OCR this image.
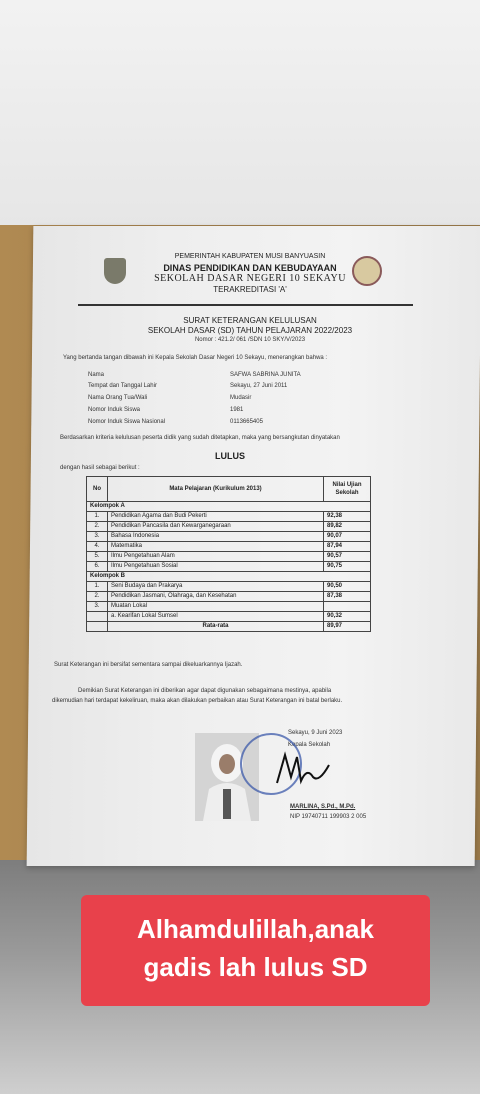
PEMERINTAH KABUPATEN MUSI BANYUASIN
DINAS PENDIDIKAN DAN KEBUDAYAAN
SEKOLAH DASAR NEGERI 10 SEKAYU
TERAKREDITASI 'A'
SURAT KETERANGAN KELULUSAN
SEKOLAH DASAR (SD) TAHUN PELAJARAN 2022/2023
Nomor : 421.2/ 061 /SDN 10 SKY/V/2023
Yang bertanda tangan dibawah ini Kepala Sekolah Dasar Negeri 10 Sekayu, menerangkan bahwa :
Nama	SAFWA SABRINA JUNITA
Tempat dan Tanggal Lahir	Sekayu, 27 Juni 2011
Nama Orang Tua/Wali	Mudasir
Nomor Induk Siswa	1981
Nomor Induk Siswa Nasional	0113665405
Berdasarkan kriteria kelulusan peserta didik yang sudah ditetapkan, maka yang bersangkutan dinyatakan
LULUS
dengan hasil sebagai berikut :
No	Mata Pelajaran (Kurikulum 2013)	Nilai Ujian Sekolah
Kelompok A		
1.	Pendidikan Agama dan Budi Pekerti	92,38
2.	Pendidikan Pancasila dan Kewarganegaraan	89,82
3.	Bahasa Indonesia	90,07
4.	Matematika	87,94
5.	Ilmu Pengetahuan Alam	90,57
6.	Ilmu Pengetahuan Sosial	90,75
Kelompok B		
1.	Seni Budaya dan Prakarya	90,50
2.	Pendidikan Jasmani, Olahraga, dan Kesehatan	87,38
3.	Muatan Lokal	
	a. Kearifan Lokal Sumsel	90,32
	Rata-rata	89,97
Surat Keterangan ini bersifat sementara sampai dikeluarkannya Ijazah.
Demikian Surat Keterangan ini diberikan agar dapat digunakan sebagaimana mestinya, apabila
dikemudian hari terdapat kekeliruan, maka akan dilakukan perbaikan atau Surat Keterangan ini batal berlaku.
Sekayu, 9 Juni 2023
Kepala Sekolah
MARLINA, S.Pd., M.Pd.
NIP 19740711 199903 2 005
Alhamdulillah,anak
gadis lah lulus SD
